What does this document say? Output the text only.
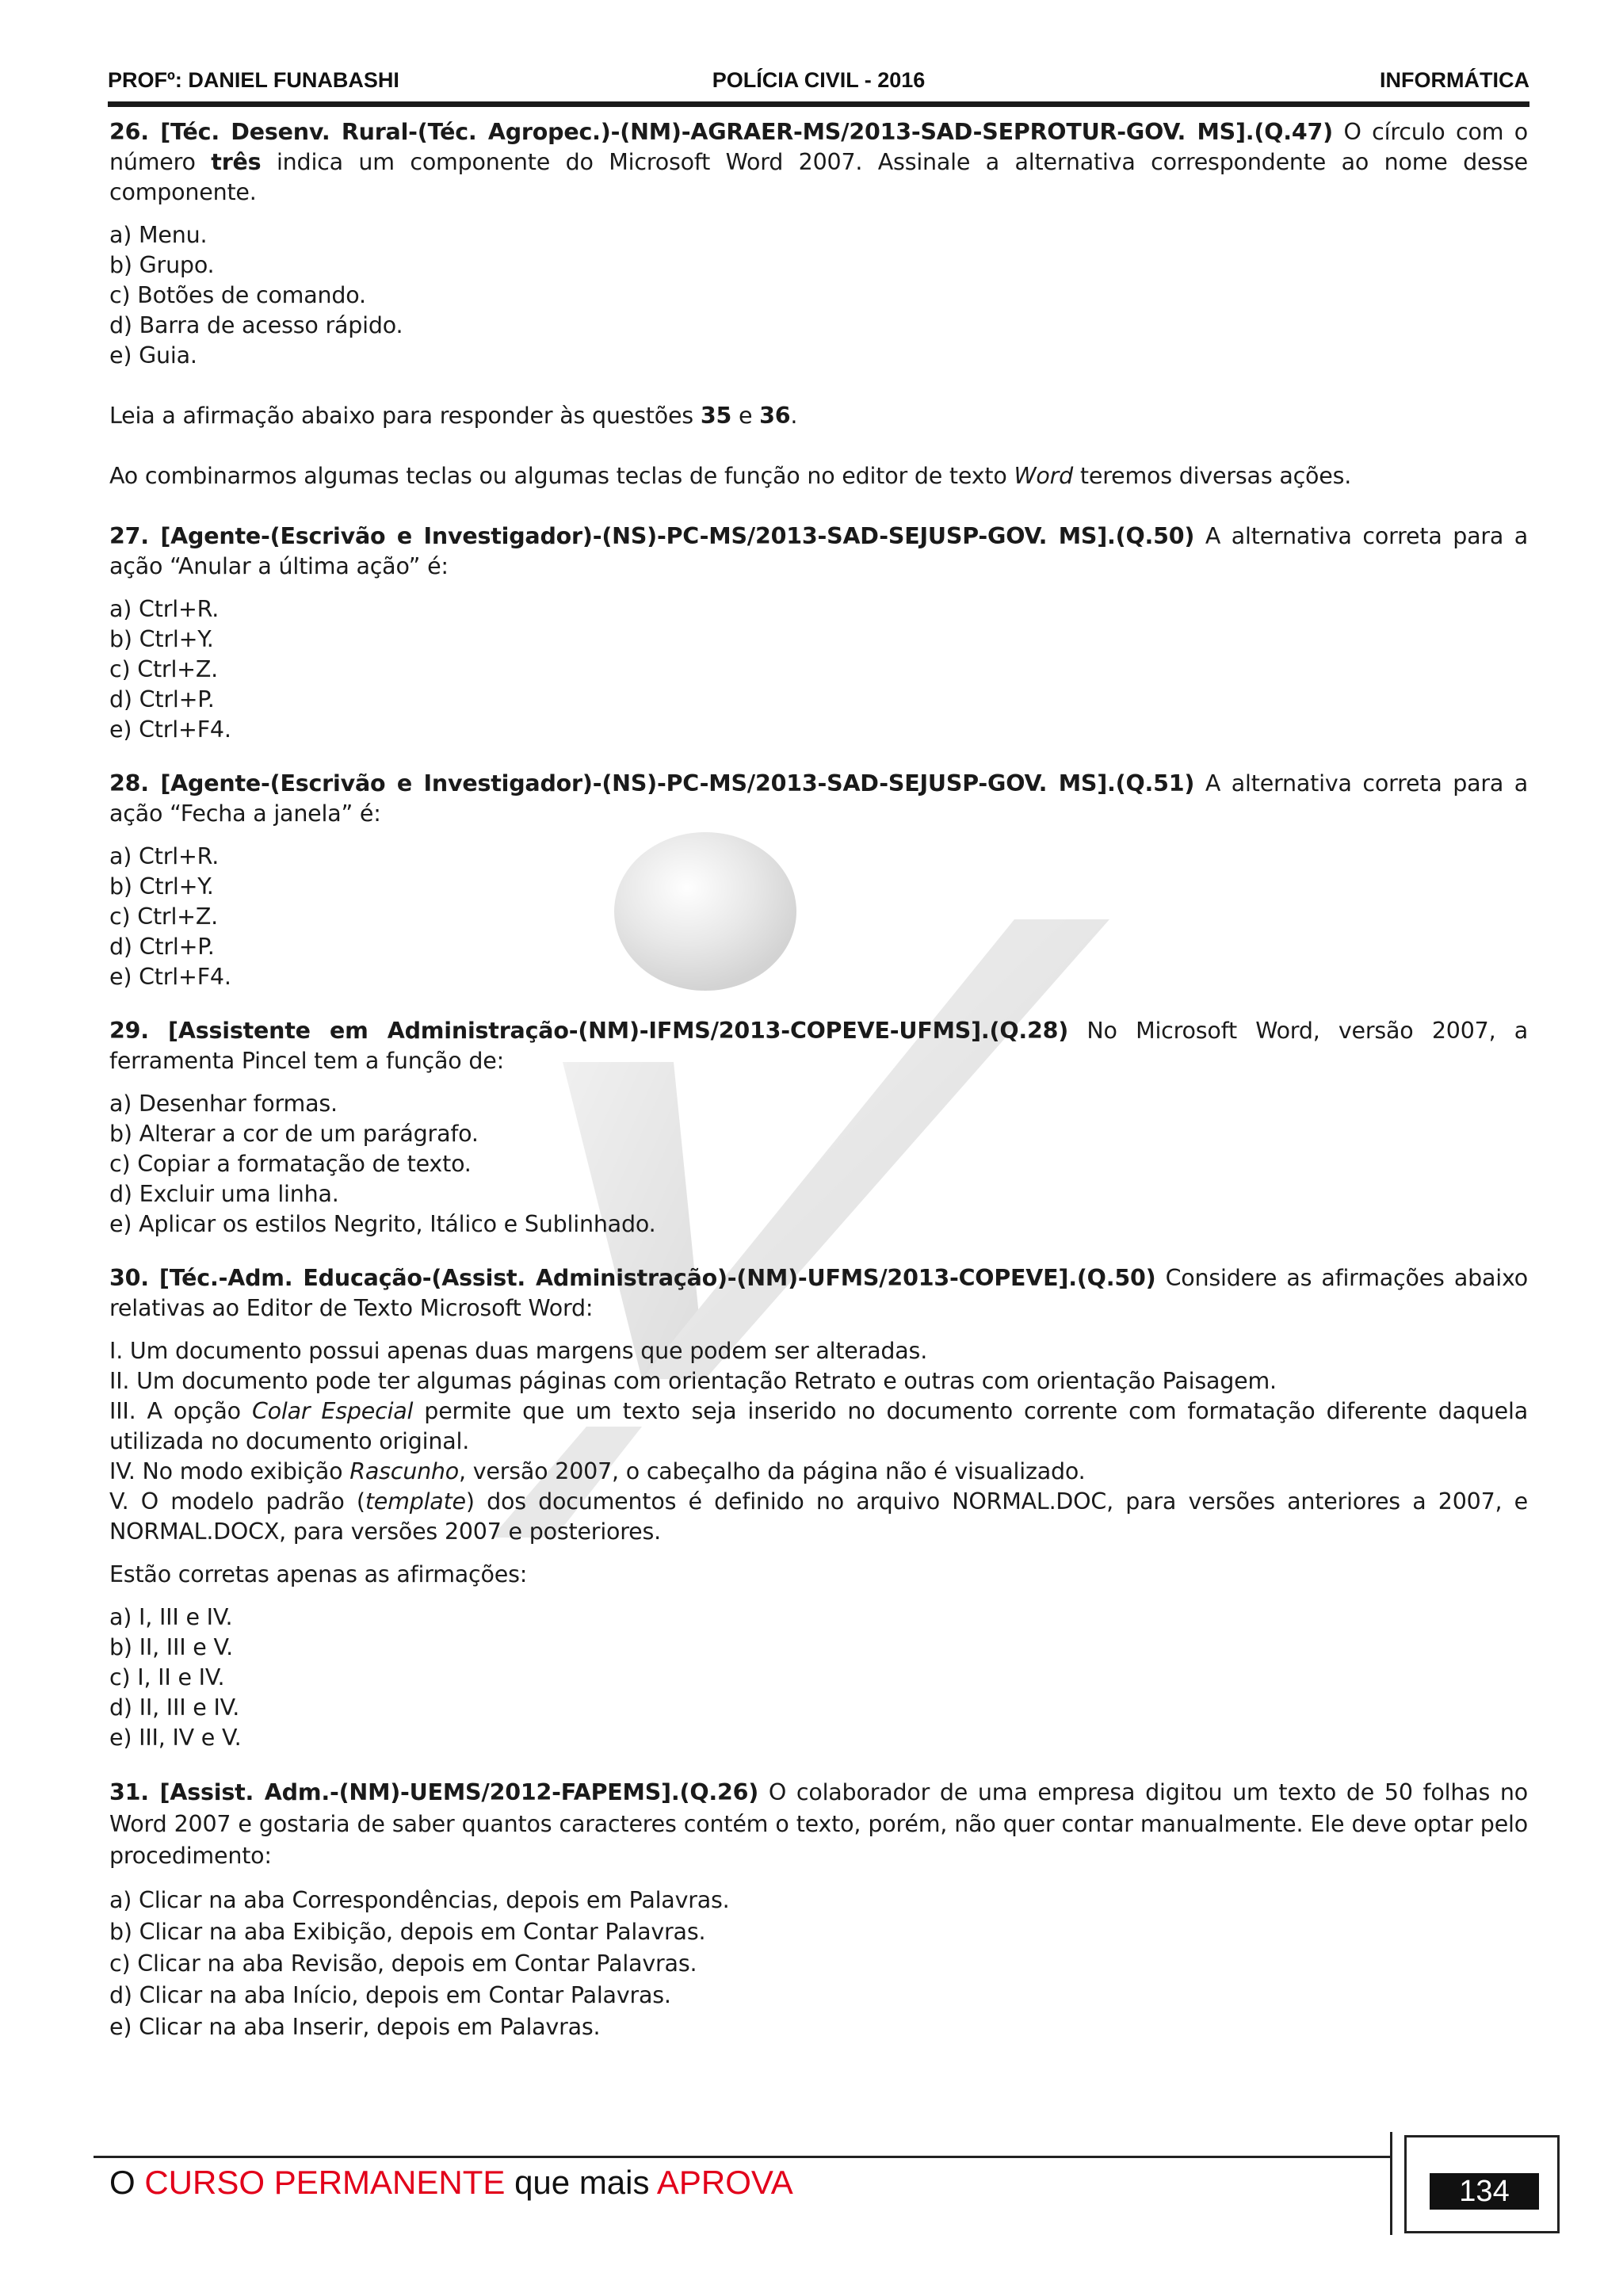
POLÍCIA CIVIL - 2016
PROFº: DANIEL FUNABASHI	INFORMÁTICA

26. [Téc. Desenv. Rural-(Téc. Agropec.)-(NM)-AGRAER-MS/2013-SAD-SEPROTUR-GOV. MS].(Q.47) O círculo com o número três indica um componente do Microsoft Word 2007. Assinale a alternativa correspondente ao nome desse componente.

a) Menu.
b) Grupo.
c) Botões de comando.
d) Barra de acesso rápido.
e) Guia.

Leia a afirmação abaixo para responder às questões 35 e 36.

Ao combinarmos algumas teclas ou algumas teclas de função no editor de texto Word teremos diversas ações.

27. [Agente-(Escrivão e Investigador)-(NS)-PC-MS/2013-SAD-SEJUSP-GOV. MS].(Q.50) A alternativa correta para a ação “Anular a última ação” é:

a) Ctrl+R.
b) Ctrl+Y.
c) Ctrl+Z.
d) Ctrl+P.
e) Ctrl+F4.

28. [Agente-(Escrivão e Investigador)-(NS)-PC-MS/2013-SAD-SEJUSP-GOV. MS].(Q.51) A alternativa correta para a ação “Fecha a janela” é:

a) Ctrl+R.
b) Ctrl+Y.
c) Ctrl+Z.
d) Ctrl+P.
e) Ctrl+F4.

29. [Assistente em Administração-(NM)-IFMS/2013-COPEVE-UFMS].(Q.28) No Microsoft Word, versão 2007, a ferramenta Pincel tem a função de:

a) Desenhar formas.
b) Alterar a cor de um parágrafo.
c) Copiar a formatação de texto.
d) Excluir uma linha.
e) Aplicar os estilos Negrito, Itálico e Sublinhado.

30. [Téc.-Adm. Educação-(Assist. Administração)-(NM)-UFMS/2013-COPEVE].(Q.50) Considere as afirmações abaixo relativas ao Editor de Texto Microsoft Word:

I. Um documento possui apenas duas margens que podem ser alteradas.
II. Um documento pode ter algumas páginas com orientação Retrato e outras com orientação Paisagem.
III. A opção Colar Especial permite que um texto seja inserido no documento corrente com formatação diferente daquela utilizada no documento original.
IV. No modo exibição Rascunho, versão 2007, o cabeçalho da página não é visualizado.
V. O modelo padrão (template) dos documentos é definido no arquivo NORMAL.DOC, para versões anteriores a 2007, e NORMAL.DOCX, para versões 2007 e posteriores.

Estão corretas apenas as afirmações:

a) I, III e IV.
b) II, III e V.
c) I, II e IV.
d) II, III e IV.
e) III, IV e V.

31. [Assist. Adm.-(NM)-UEMS/2012-FAPEMS].(Q.26) O colaborador de uma empresa digitou um texto de 50 folhas no Word 2007 e gostaria de saber quantos caracteres contém o texto, porém, não quer contar manualmente. Ele deve optar pelo procedimento:

a) Clicar na aba Correspondências, depois em Palavras.
b) Clicar na aba Exibição, depois em Contar Palavras.
c) Clicar na aba Revisão, depois em Contar Palavras.
d) Clicar na aba Início, depois em Contar Palavras.
e) Clicar na aba Inserir, depois em Palavras.
O CURSO PERMANENTE que mais APROVA	134
